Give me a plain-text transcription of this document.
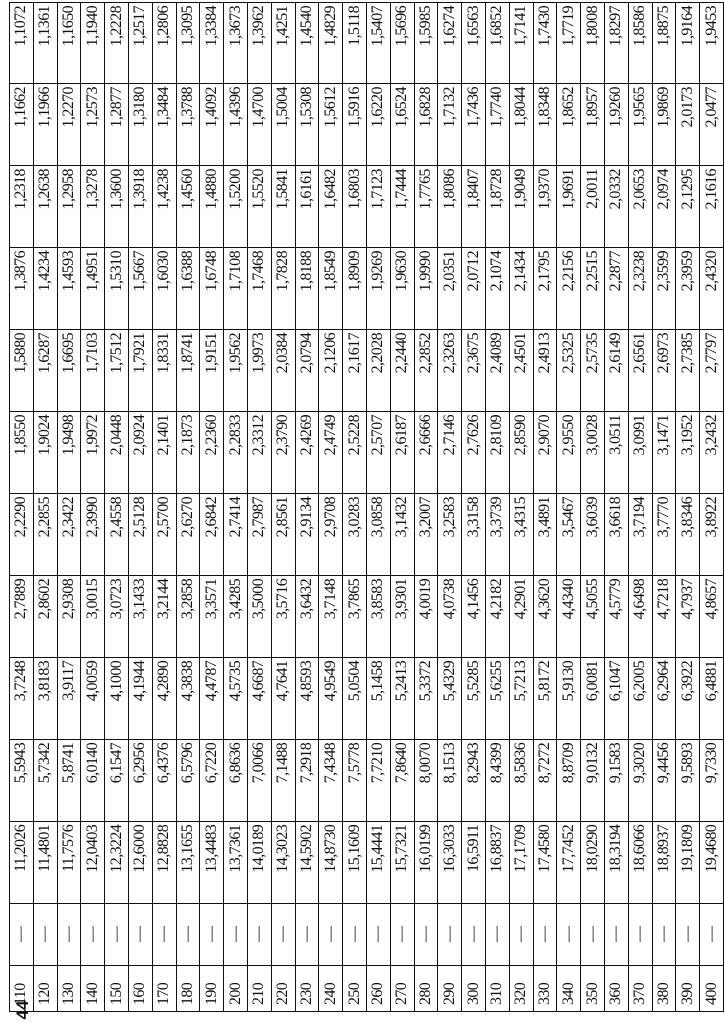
110	—	11,2026	5,5943	3,7248	2,7889	2,2290	1,8550	1,5880	1,3876	1,2318	1,1662	1,1072
120	—	11,4801	5,7342	3,8183	2,8602	2,2855	1,9024	1,6287	1,4234	1,2638	1,1966	1,1361
130	—	11,7576	5,8741	3,9117	2,9308	2,3422	1,9498	1,6695	1,4593	1,2958	1,2270	1,1650
140	—	12,0403	6,0140	4,0059	3,0015	2,3990	1,9972	1,7103	1,4951	1,3278	1,2573	1,1940
150	—	12,3224	6,1547	4,1000	3,0723	2,4558	2,0448	1,7512	1,5310	1,3600	1,2877	1,2228
160	—	12,6000	6,2956	4,1944	3,1433	2,5128	2,0924	1,7921	1,5667	1,3918	1,3180	1,2517
170	—	12,8828	6,4376	4,2890	3,2144	2,5700	2,1401	1,8331	1,6030	1,4238	1,3484	1,2806
180	—	13,1655	6,5796	4,3838	3,2858	2,6270	2,1873	1,8741	1,6388	1,4560	1,3788	1,3095
190	—	13,4483	6,7220	4,4787	3,3571	2,6842	2,2360	1,9151	1,6748	1,4880	1,4092	1,3384
200	—	13,7361	6,8636	4,5735	3,4285	2,7414	2,2833	1,9562	1,7108	1,5200	1,4396	1,3673
210	—	14,0189	7,0066	4,6687	3,5000	2,7987	2,3312	1,9973	1,7468	1,5520	1,4700	1,3962
220	—	14,3023	7,1488	4,7641	3,5716	2,8561	2,3790	2,0384	1,7828	1,5841	1,5004	1,4251
230	—	14,5902	7,2918	4,8593	3,6432	2,9134	2,4269	2,0794	1,8188	1,6161	1,5308	1,4540
240	—	14,8730	7,4348	4,9549	3,7148	2,9708	2,4749	2,1206	1,8549	1,6482	1,5612	1,4829
250	—	15,1609	7,5778	5,0504	3,7865	3,0283	2,5228	2,1617	1,8909	1,6803	1,5916	1,5118
260	—	15,4441	7,7210	5,1458	3,8583	3,0858	2,5707	2,2028	1,9269	1,7123	1,6220	1,5407
270	—	15,7321	7,8640	5,2413	3,9301	3,1432	2,6187	2,2440	1,9630	1,7444	1,6524	1,5696
280	—	16,0199	8,0070	5,3372	4,0019	3,2007	2,6666	2,2852	1,9990	1,7765	1,6828	1,5985
290	—	16,3033	8,1513	5,4329	4,0738	3,2583	2,7146	2,3263	2,0351	1,8086	1,7132	1,6274
300	—	16,5911	8,2943	5,5285	4,1456	3,3158	2,7626	2,3675	2,0712	1,8407	1,7436	1,6563
310	—	16,8837	8,4399	5,6255	4,2182	3,3739	2,8109	2,4089	2,1074	1,8728	1,7740	1,6852
320	—	17,1709	8,5836	5,7213	4,2901	3,4315	2,8590	2,4501	2,1434	1,9049	1,8044	1,7141
330	—	17,4580	8,7272	5,8172	4,3620	3,4891	2,9070	2,4913	2,1795	1,9370	1,8348	1,7430
340	—	17,7452	8,8709	5,9130	4,4340	3,5467	2,9550	2,5325	2,2156	1,9691	1,8652	1,7719
350	—	18,0290	9,0132	6,0081	4,5055	3,6039	3,0028	2,5735	2,2515	2,0011	1,8957	1,8008
360	—	18,3194	9,1583	6,1047	4,5779	3,6618	3,0511	2,6149	2,2877	2,0332	1,9260	1,8297
370	—	18,6066	9,3020	6,2005	4,6498	3,7194	3,0991	2,6561	2,3238	2,0653	1,9565	1,8586
380	—	18,8937	9,4456	6,2964	4,7218	3,7770	3,1471	2,6973	2,3599	2,0974	1,9869	1,8875
390	—	19,1809	9,5893	6,3922	4,7937	3,8346	3,1952	2,7385	2,3959	2,1295	2,0173	1,9164
400	—	19,4680	9,7330	6,4881	4,8657	3,8922	3,2432	2,7797	2,4320	2,1616	2,0477	1,9453
44
